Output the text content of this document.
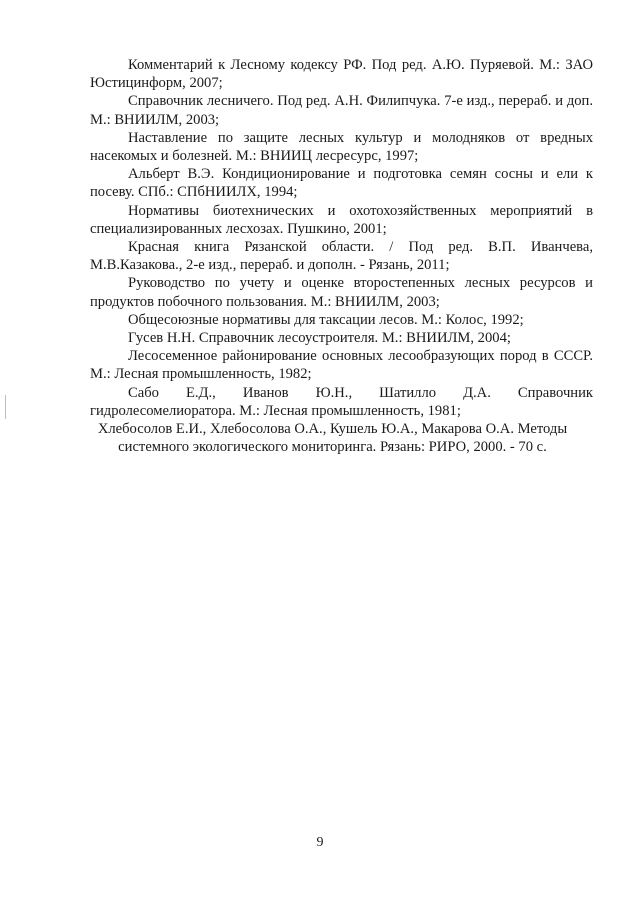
Комментарий к Лесному кодексу РФ. Под ред. А.Ю. Пуряевой. М.: ЗАО Юстицинформ, 2007;

Справочник лесничего. Под ред. А.Н. Филипчука. 7-е изд., перераб. и доп. М.: ВНИИЛМ, 2003;

Наставление по защите лесных культур и молодняков от вредных насекомых и болезней. М.: ВНИИЦ лесресурс, 1997;

Альберт В.Э. Кондиционирование и подготовка семян сосны и ели к посеву. СПб.: СПбНИИЛХ, 1994;

Нормативы биотехнических и охотохозяйственных мероприятий в специализированных лесхозах. Пушкино, 2001;

Красная книга Рязанской области. / Под ред. В.П. Иванчева, М.В.Казакова., 2-е изд., перераб. и дополн. - Рязань, 2011;

Руководство по учету и оценке второстепенных лесных ресурсов и продуктов побочного пользования. М.: ВНИИЛМ, 2003;

Общесоюзные нормативы для таксации лесов. М.: Колос, 1992;

Гусев Н.Н. Справочник лесоустроителя. М.: ВНИИЛМ, 2004;

Лесосеменное районирование основных лесообразующих пород в СССР. М.: Лесная промышленность, 1982;

Сабо Е.Д., Иванов Ю.Н., Шатилло Д.А. Справочник гидролесомелиоратора. М.: Лесная промышленность, 1981;

Хлебосолов Е.И., Хлебосолова О.А., Кушель Ю.А., Макарова О.А. Методы системного экологического мониторинга. Рязань: РИРО, 2000. - 70 с.

9
